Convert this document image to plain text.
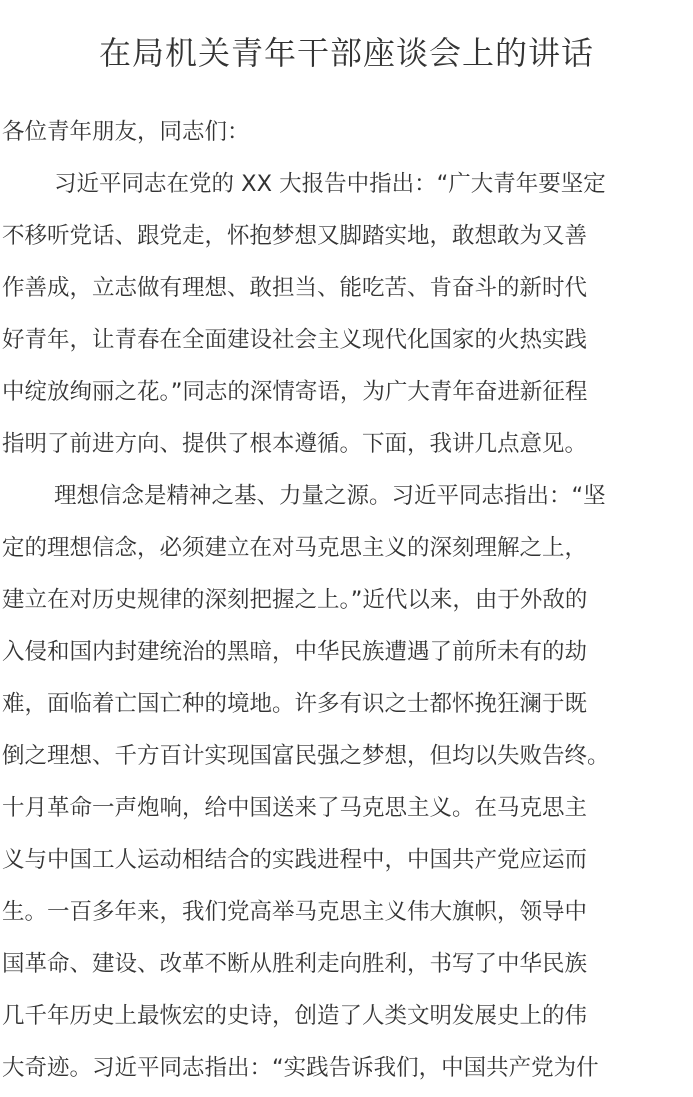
在局机关青年干部座谈会上的讲话
各位青年朋友，同志们：
习近平同志在党的 XX 大报告中指出：“广大青年要坚定
不移听党话、跟党走，怀抱梦想又脚踏实地，敢想敢为又善
作善成，立志做有理想、敢担当、能吃苦、肯奋斗的新时代
好青年，让青春在全面建设社会主义现代化国家的火热实践
中绽放绚丽之花。”同志的深情寄语，为广大青年奋进新征程
指明了前进方向、提供了根本遵循。下面，我讲几点意见。
理想信念是精神之基、力量之源。习近平同志指出：“坚
定的理想信念，必须建立在对马克思主义的深刻理解之上，
建立在对历史规律的深刻把握之上。”近代以来，由于外敌的
入侵和国内封建统治的黑暗，中华民族遭遇了前所未有的劫
难，面临着亡国亡种的境地。许多有识之士都怀挽狂澜于既
倒之理想、千方百计实现国富民强之梦想，但均以失败告终。
十月革命一声炮响，给中国送来了马克思主义。在马克思主
义与中国工人运动相结合的实践进程中，中国共产党应运而
生。一百多年来，我们党高举马克思主义伟大旗帜，领导中
国革命、建设、改革不断从胜利走向胜利，书写了中华民族
几千年历史上最恢宏的史诗，创造了人类文明发展史上的伟
大奇迹。习近平同志指出：“实践告诉我们，中国共产党为什
